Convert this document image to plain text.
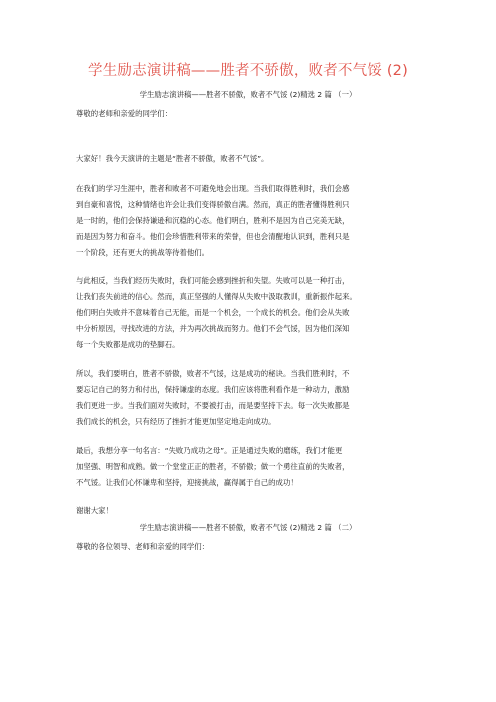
学生励志演讲稿——胜者不骄傲，败者不气馁 (2)
学生励志演讲稿——胜者不骄傲，败者不气馁 (2)精选 2 篇 （一）
尊敬的老师和亲爱的同学们：
大家好！我今天演讲的主题是“胜者不骄傲，败者不气馁”。
在我们的学习生涯中，胜者和败者不可避免地会出现。当我们取得胜利时，我们会感
到自豪和喜悦，这种情绪也许会让我们变得骄傲自满。然而，真正的胜者懂得胜利只
是一时的，他们会保持谦逊和沉稳的心态。他们明白，胜利不是因为自己完美无缺，
而是因为努力和奋斗。他们会珍惜胜利带来的荣誉，但也会清醒地认识到，胜利只是
一个阶段，还有更大的挑战等待着他们。
与此相反，当我们经历失败时，我们可能会感到挫折和失望。失败可以是一种打击，
让我们丧失前进的信心。然而，真正坚强的人懂得从失败中汲取教训，重新振作起来。
他们明白失败并不意味着自己无能，而是一个机会，一个成长的机会。他们会从失败
中分析原因，寻找改进的方法，并为再次挑战而努力。他们不会气馁，因为他们深知
每一个失败都是成功的垫脚石。
所以，我们要明白，胜者不骄傲，败者不气馁，这是成功的秘诀。当我们胜利时，不
要忘记自己的努力和付出，保持谦虚的态度。我们应该将胜利看作是一种动力，激励
我们更进一步。当我们面对失败时，不要被打击，而是要坚持下去。每一次失败都是
我们成长的机会，只有经历了挫折才能更加坚定地走向成功。
最后，我想分享一句名言：“失败乃成功之母”。正是通过失败的磨练，我们才能更
加坚强、明智和成熟。做一个堂堂正正的胜者，不骄傲；做一个勇往直前的失败者，
不气馁。让我们心怀谦卑和坚持，迎接挑战，赢得属于自己的成功！
谢谢大家！
学生励志演讲稿——胜者不骄傲，败者不气馁 (2)精选 2 篇 （二）
尊敬的各位领导、老师和亲爱的同学们：
